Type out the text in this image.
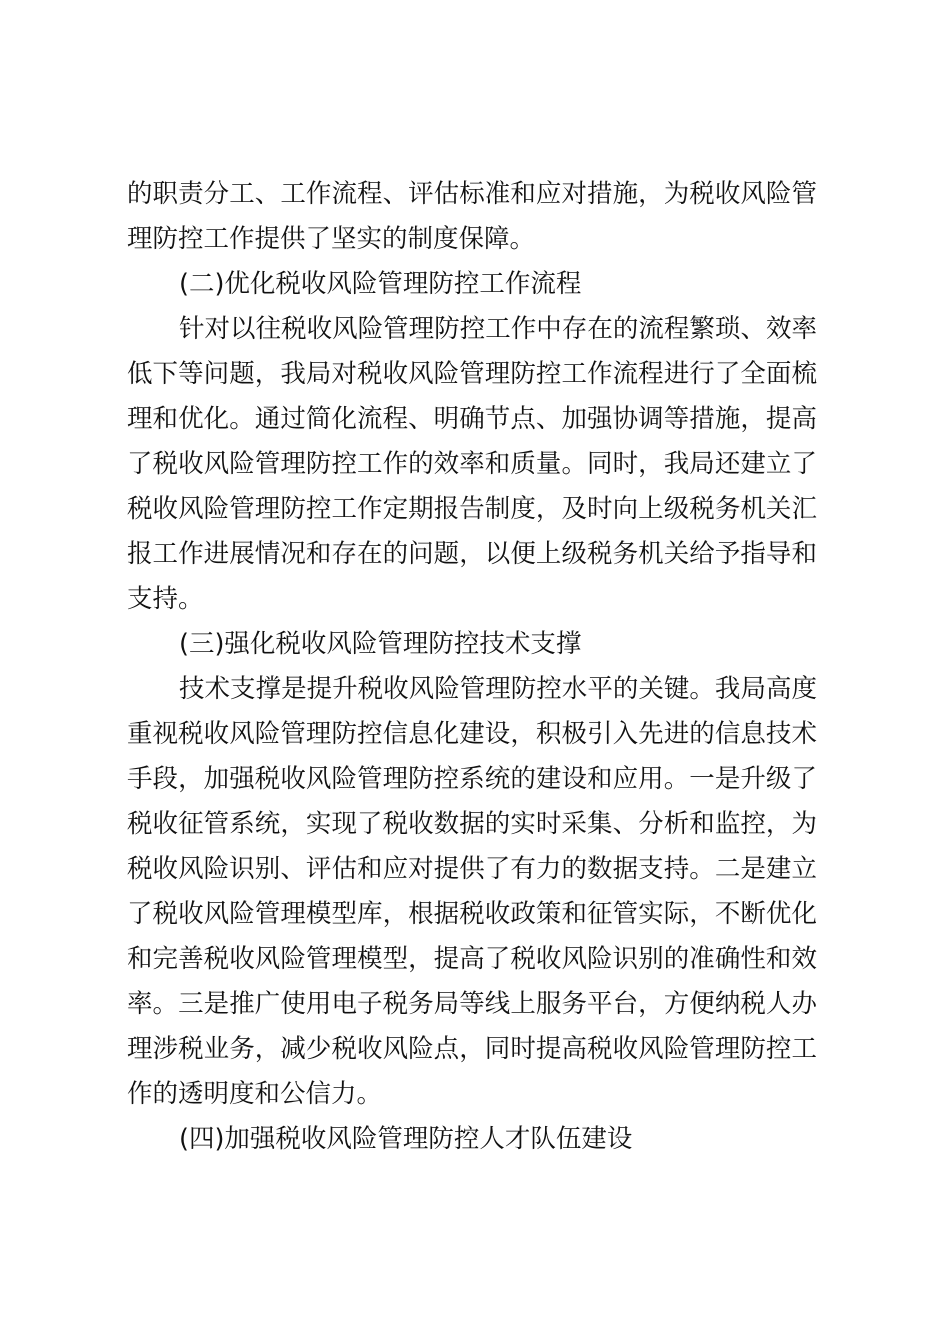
的职责分工、工作流程、评估标准和应对措施，为税收风险管
理防控工作提供了坚实的制度保障。
(二)优化税收风险管理防控工作流程
针对以往税收风险管理防控工作中存在的流程繁琐、效率
低下等问题，我局对税收风险管理防控工作流程进行了全面梳
理和优化。通过简化流程、明确节点、加强协调等措施，提高
了税收风险管理防控工作的效率和质量。同时，我局还建立了
税收风险管理防控工作定期报告制度，及时向上级税务机关汇
报工作进展情况和存在的问题，以便上级税务机关给予指导和
支持。
(三)强化税收风险管理防控技术支撑
技术支撑是提升税收风险管理防控水平的关键。我局高度
重视税收风险管理防控信息化建设，积极引入先进的信息技术
手段，加强税收风险管理防控系统的建设和应用。一是升级了
税收征管系统，实现了税收数据的实时采集、分析和监控，为
税收风险识别、评估和应对提供了有力的数据支持。二是建立
了税收风险管理模型库，根据税收政策和征管实际，不断优化
和完善税收风险管理模型，提高了税收风险识别的准确性和效
率。三是推广使用电子税务局等线上服务平台，方便纳税人办
理涉税业务，减少税收风险点，同时提高税收风险管理防控工
作的透明度和公信力。
(四)加强税收风险管理防控人才队伍建设
